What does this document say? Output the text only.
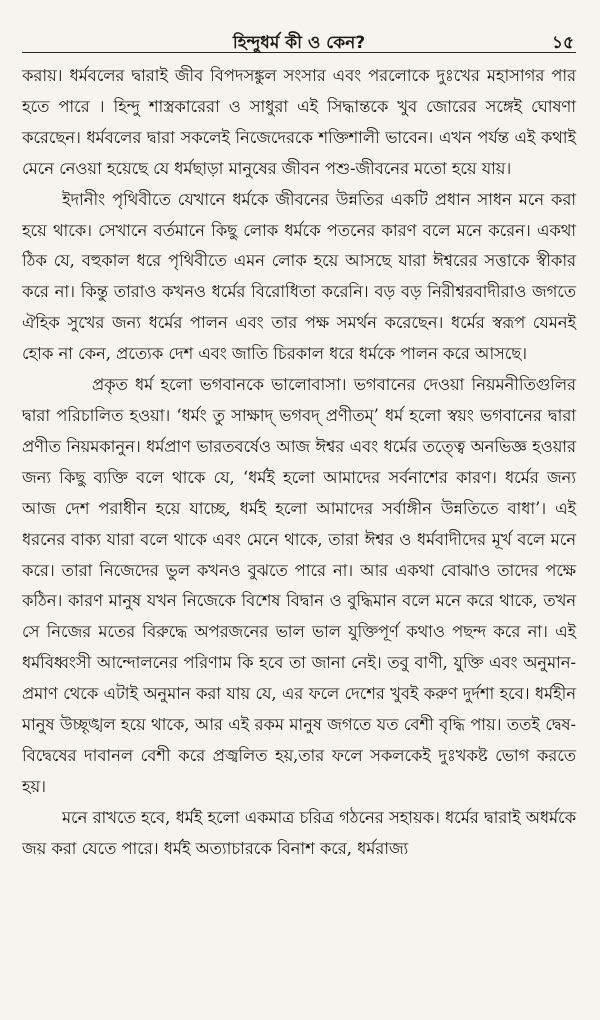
হিন্দুধর্ম কী ও কেন?	১৫

করায়। ধর্মবলের দ্বারাই জীব বিপদসঙ্কুল সংসার এবং পরলোকে দুঃখের মহাসাগর পার হতে পারে । হিন্দু শাস্ত্রকারেরা ও সাধুরা এই সিদ্ধান্তকে খুব জোরের সঙ্গেই ঘোষণা করেছেন। ধর্মবলের দ্বারা সকলেই নিজেদেরকে শক্তিশালী ভাবেন। এখন পর্যন্ত এই কথাই মেনে নেওয়া হয়েছে যে ধর্মছাড়া মানুষের জীবন পশু-জীবনের মতো হয়ে যায়।

ইদানীং পৃথিবীতে যেখানে ধর্মকে জীবনের উন্নতির একটি প্রধান সাধন মনে করা হয়ে থাকে। সেখানে বর্তমানে কিছু লোক ধর্মকে পতনের কারণ বলে মনে করেন। একথা ঠিক যে, বহুকাল ধরে পৃথিবীতে এমন লোক হয়ে আসছে যারা ঈশ্বরের সত্তাকে স্বীকার করে না। কিন্তু তারাও কখনও ধর্মের বিরোধিতা করেনি। বড় বড় নিরীশ্বরবাদীরাও জগতে ঐহিক সুখের জন্য ধর্মের পালন এবং তার পক্ষ সমর্থন করেছেন। ধর্মের স্বরূপ যেমনই হোক না কেন, প্রত্যেক দেশ এবং জাতি চিরকাল ধরে ধর্মকে পালন করে আসছে।

প্রকৃত ধর্ম হলো ভগবানকে ভালোবাসা। ভগবানের দেওয়া নিয়মনীতিগুলির দ্বারা পরিচালিত হওয়া। ‘ধর্মং তু সাক্ষাদ্ ভগবদ্ প্রণীতম্’ ধর্ম হলো স্বয়ং ভগবানের দ্বারা প্রণীত নিয়মকানুন। ধর্মপ্রাণ ভারতবর্ষেও আজ ঈশ্বর এবং ধর্মের তত্ত্বে অনভিজ্ঞ হওয়ার জন্য কিছু ব্যক্তি বলে থাকে যে, ‘ধর্মই হলো আমাদের সর্বনাশের কারণ। ধর্মের জন্য আজ দেশ পরাধীন হয়ে যাচ্ছে, ধর্মই হলো আমাদের সর্বাঙ্গীন উন্নতিতে বাধা’। এই ধরনের বাক্য যারা বলে থাকে এবং মেনে থাকে, তারা ঈশ্বর ও ধর্মবাদীদের মূর্খ বলে মনে করে। তারা নিজেদের ভুল কখনও বুঝতে পারে না। আর একথা বোঝাও তাদের পক্ষে কঠিন। কারণ মানুষ যখন নিজেকে বিশেষ বিদ্বান ও বুদ্ধিমান বলে মনে করে থাকে, তখন সে নিজের মতের বিরুদ্ধে অপরজনের ভাল ভাল যুক্তিপূর্ণ কথাও পছন্দ করে না। এই ধর্মবিধ্বংসী আন্দোলনের পরিণাম কি হবে তা জানা নেই। তবু বাণী, যুক্তি এবং অনুমান-প্রমাণ থেকে এটাই অনুমান করা যায় যে, এর ফলে দেশের খুবই করুণ দুর্দশা হবে। ধর্মহীন মানুষ উচ্ছৃঙ্খল হয়ে থাকে, আর এই রকম মানুষ জগতে যত বেশী বৃদ্ধি পায়। ততই দ্বেষ-বিদ্বেষের দাবানল বেশী করে প্রজ্বলিত হয়,তার ফলে সকলকেই দুঃখকষ্ট ভোগ করতে হয়।

মনে রাখতে হবে, ধর্মই হলো একমাত্র চরিত্র গঠনের সহায়ক। ধর্মের দ্বারাই অধর্মকে জয় করা যেতে পারে। ধর্মই অত্যাচারকে বিনাশ করে, ধর্মরাজ্য
